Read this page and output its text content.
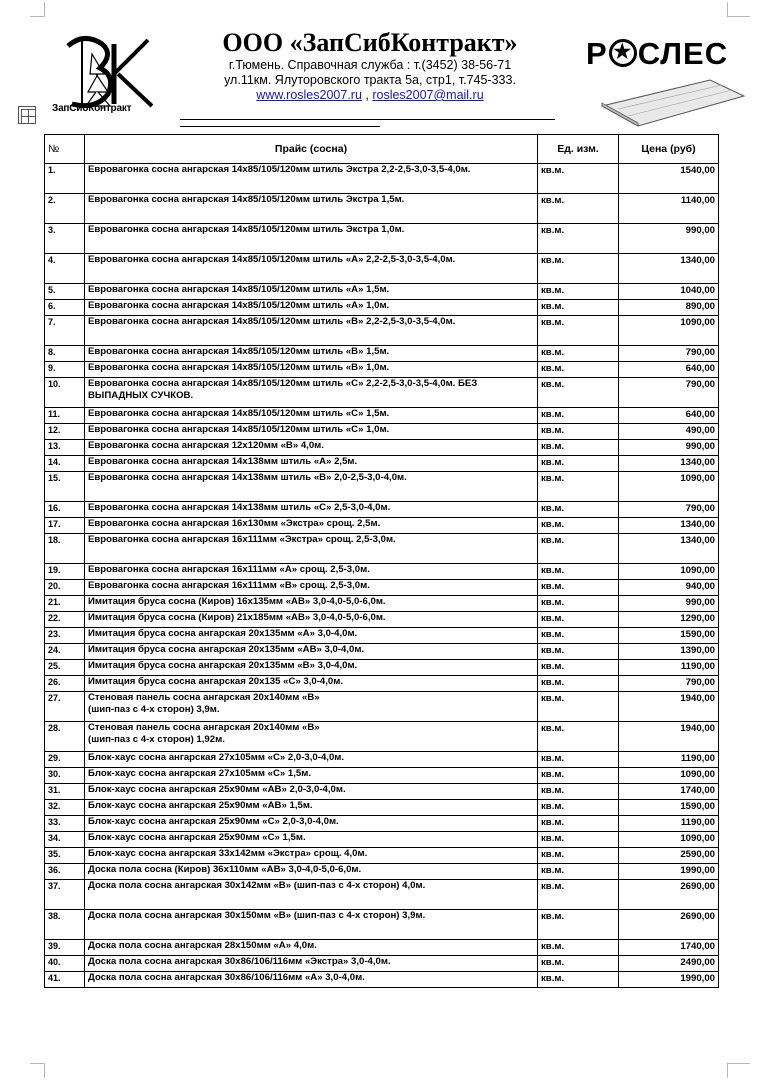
ЗапСибКонтракт
ООО «ЗапСибКонтракт»
г.Тюмень. Справочная служба : т.(3452) 38-56-71
ул.11км. Ялуторовского тракта 5а, стр1, т.745-333.
www.rosles2007.ru , rosles2007@mail.ru
Р ★ СЛЕС
№	Прайс (сосна)	Ед. изм.	Цена (руб)
1.	Евровагонка сосна ангарская 14х85/105/120мм штиль Экстра 2,2-2,5-3,0-3,5-4,0м.	кв.м.	1540,00
2.	Евровагонка сосна ангарская 14х85/105/120мм штиль Экстра 1,5м.	кв.м.	1140,00
3.	Евровагонка сосна ангарская 14х85/105/120мм штиль Экстра 1,0м.	кв.м.	990,00
4.	Евровагонка сосна ангарская 14х85/105/120мм штиль «А» 2,2-2,5-3,0-3,5-4,0м.	кв.м.	1340,00
5.	Евровагонка сосна ангарская 14х85/105/120мм штиль «А» 1,5м.	кв.м.	1040,00
6.	Евровагонка сосна ангарская 14х85/105/120мм штиль «А» 1,0м.	кв.м.	890,00
7.	Евровагонка сосна ангарская 14х85/105/120мм штиль «В» 2,2-2,5-3,0-3,5-4,0м.	кв.м.	1090,00
8.	Евровагонка сосна ангарская 14х85/105/120мм штиль «В» 1,5м.	кв.м.	790,00
9.	Евровагонка сосна ангарская 14х85/105/120мм штиль «В» 1,0м.	кв.м.	640,00
10.	Евровагонка сосна ангарская 14х85/105/120мм штиль «С» 2,2-2,5-3,0-3,5-4,0м. БЕЗ ВЫПАДНЫХ СУЧКОВ.	кв.м.	790,00
11.	Евровагонка сосна ангарская 14х85/105/120мм штиль «С» 1,5м.	кв.м.	640,00
12.	Евровагонка сосна ангарская 14х85/105/120мм штиль «С» 1,0м.	кв.м.	490,00
13.	Евровагонка сосна ангарская 12х120мм «В» 4,0м.	кв.м.	990,00
14.	Евровагонка сосна ангарская 14х138мм штиль «А» 2,5м.	кв.м.	1340,00
15.	Евровагонка сосна ангарская 14х138мм штиль «В» 2,0-2,5-3,0-4,0м.	кв.м.	1090,00
16.	Евровагонка сосна ангарская 14х138мм штиль «С» 2,5-3,0-4,0м.	кв.м.	790,00
17.	Евровагонка сосна ангарская 16х130мм «Экстра» срощ. 2,5м.	кв.м.	1340,00
18.	Евровагонка сосна ангарская 16х111мм «Экстра» срощ. 2,5-3,0м.	кв.м.	1340,00
19.	Евровагонка сосна ангарская 16х111мм «А» срощ. 2,5-3,0м.	кв.м.	1090,00
20.	Евровагонка сосна ангарская 16х111мм «В» срощ. 2,5-3,0м.	кв.м.	940,00
21.	Имитация бруса сосна (Киров) 16х135мм «АВ» 3,0-4,0-5,0-6,0м.	кв.м.	990,00
22.	Имитация бруса сосна (Киров) 21х185мм «АВ» 3,0-4,0-5,0-6,0м.	кв.м.	1290,00
23.	Имитация бруса сосна ангарская 20х135мм «А» 3,0-4,0м.	кв.м.	1590,00
24.	Имитация бруса сосна ангарская 20х135мм «АВ» 3,0-4,0м.	кв.м.	1390,00
25.	Имитация бруса сосна ангарская 20х135мм «В» 3,0-4,0м.	кв.м.	1190,00
26.	Имитация бруса сосна ангарская 20х135 «С» 3,0-4,0м.	кв.м.	790,00
27.	Стеновая панель сосна ангарская 20х140мм «В»
(шип-паз с 4-х сторон) 3,9м.	кв.м.	1940,00
28.	Стеновая панель сосна ангарская 20х140мм «В»
(шип-паз с 4-х сторон) 1,92м.	кв.м.	1940,00
29.	Блок-хаус сосна ангарская 27х105мм «С» 2,0-3,0-4,0м.	кв.м.	1190,00
30.	Блок-хаус сосна ангарская 27х105мм «С» 1,5м.	кв.м.	1090,00
31.	Блок-хаус сосна ангарская 25х90мм «АВ» 2,0-3,0-4,0м.	кв.м.	1740,00
32.	Блок-хаус сосна ангарская 25х90мм «АВ» 1,5м.	кв.м.	1590,00
33.	Блок-хаус сосна ангарская 25х90мм «С» 2,0-3,0-4,0м.	кв.м.	1190,00
34.	Блок-хаус сосна ангарская 25х90мм «С» 1,5м.	кв.м.	1090,00
35.	Блок-хаус сосна ангарская 33х142мм «Экстра» срощ. 4,0м.	кв.м.	2590,00
36.	Доска пола сосна (Киров) 36х110мм «АВ» 3,0-4,0-5,0-6,0м.	кв.м.	1990,00
37.	Доска пола сосна ангарская 30х142мм «В» (шип-паз с 4-х сторон) 4,0м.	кв.м.	2690,00
38.	Доска пола сосна ангарская 30х150мм «В» (шип-паз с 4-х сторон) 3,9м.	кв.м.	2690,00
39.	Доска пола сосна ангарская 28х150мм «А» 4,0м.	кв.м.	1740,00
40.	Доска пола сосна ангарская 30х86/106/116мм «Экстра» 3,0-4,0м.	кв.м.	2490,00
41.	Доска пола сосна ангарская 30х86/106/116мм «А» 3,0-4,0м.	кв.м.	1990,00
